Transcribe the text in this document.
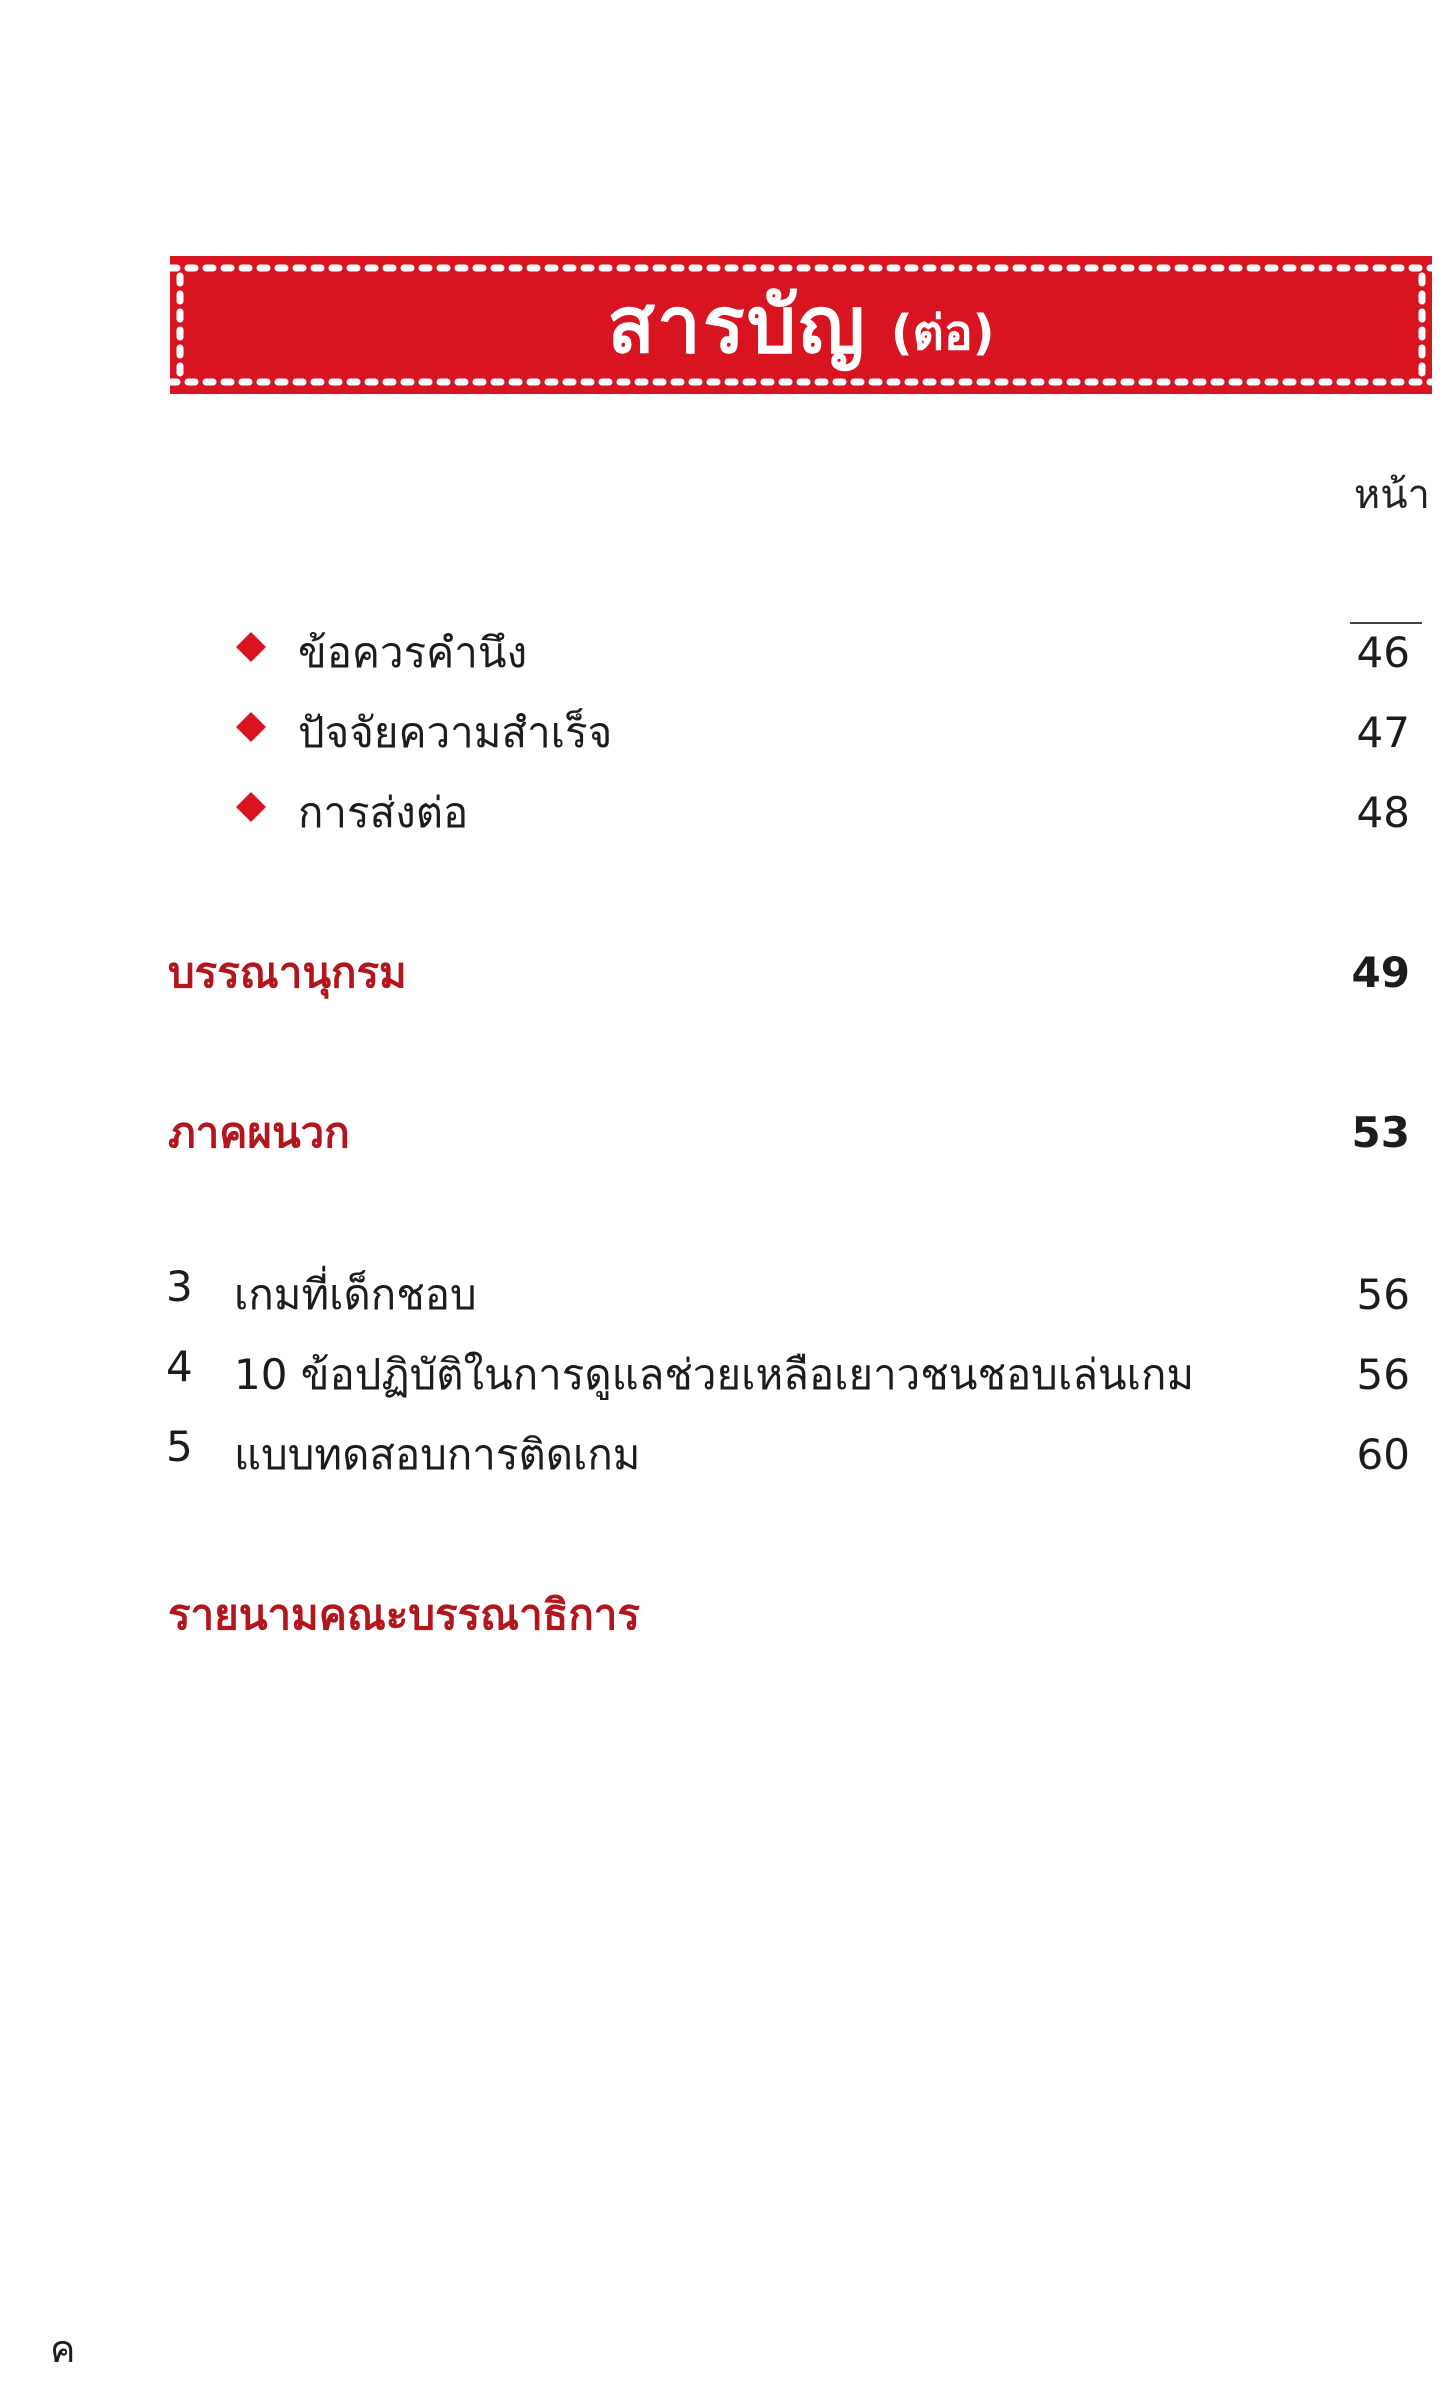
สารบัญ (ต่อ)
หน้า
ข้อควรคำนึง	46
ปัจจัยความสำเร็จ	47
การส่งต่อ	48
บรรณานุกรม	49
ภาคผนวก	53
3 เกมที่เด็กชอบ	56
4 10 ข้อปฏิบัติในการดูแลช่วยเหลือเยาวชนชอบเล่นเกม	56
5 แบบทดสอบการติดเกม	60
รายนามคณะบรรณาธิการ
ค
